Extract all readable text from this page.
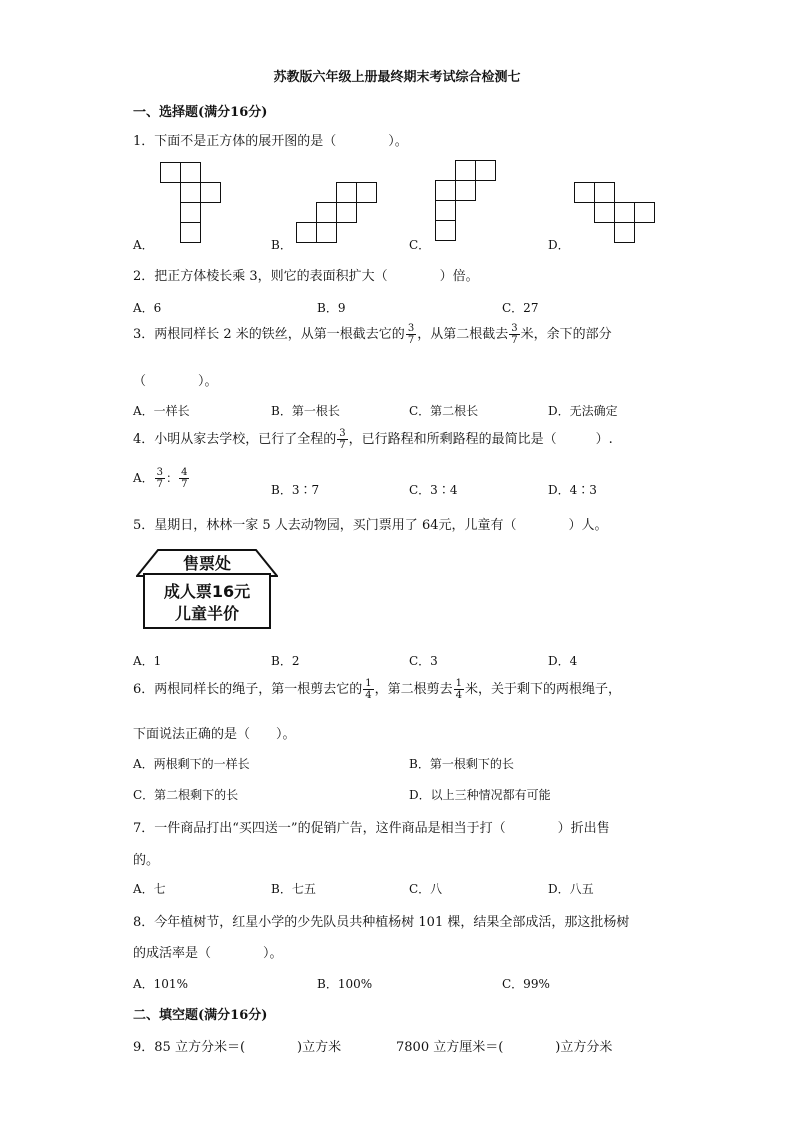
苏教版六年级上册最终期末考试综合检测七
一、选择题(满分16分)
1．下面不是正方体的展开图的是（　　　　）。
A．	B．	C．	D．
2．把正方体棱长乘 3，则它的表面积扩大（　　　　）倍。
A．6	B．9	C．27
3．两根同样长 2 米的铁丝，从第一根截去它的 $\frac{3}{7}$ ，从第二根截去 $\frac{3}{7}$ 米，余下的部分
（　　　　）。
A．一样长	B．第一根长	C．第二根长	D．无法确定
4．小明从家去学校，已行了全程的 $\frac{3}{7}$ ，已行路程和所剩路程的最简比是（　　　）.
A． $\frac{3}{7}$ ： $\frac{4}{7}$	B．3∶7	C．3∶4	D．4∶3
5．星期日，林林一家 5 人去动物园，买门票用了 64元，儿童有（　　　　）人。
售票处
成人票16元
儿童半价
A．1	B．2	C．3	D．4
6．两根同样长的绳子，第一根剪去它的 $\frac{1}{4}$ ，第二根剪去 $\frac{1}{4}$ 米，关于剩下的两根绳子，
下面说法正确的是（　　）。
A．两根剩下的一样长	B．第一根剩下的长
C．第二根剩下的长	D．以上三种情况都有可能
7．一件商品打出“买四送一”的促销广告，这件商品是相当于打（　　　　）折出售
的。
A．七	B．七五	C．八	D．八五
8．今年植树节，红星小学的少先队员共种植杨树 101 棵，结果全部成活，那这批杨树
的成活率是（　　　　）。
A．101%	B．100%	C．99%
二、填空题(满分16分)
9．85 立方分米＝(　　　　)立方米	7800 立方厘米＝(　　　　)立方分米
